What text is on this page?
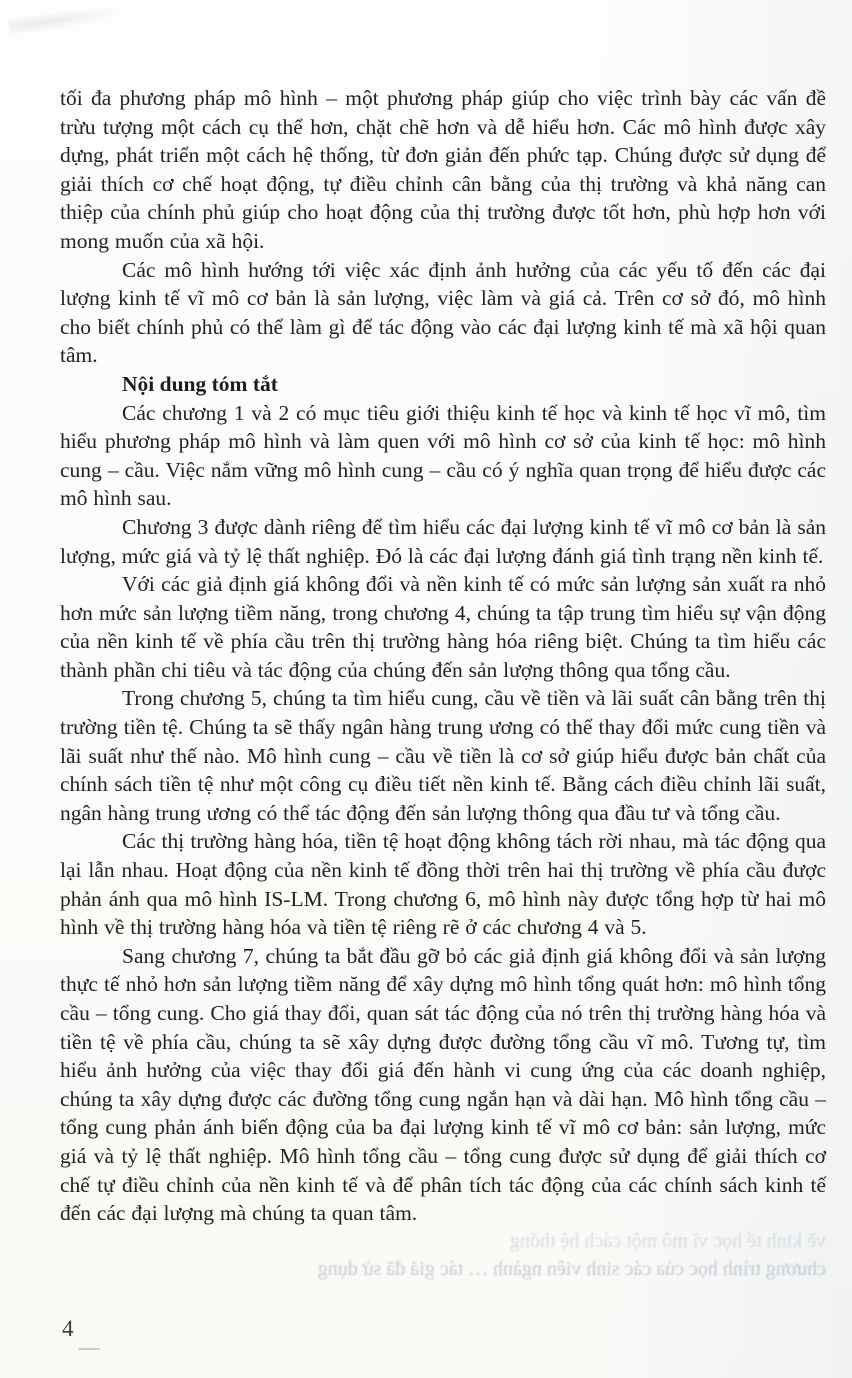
tối đa phương pháp mô hình – một phương pháp giúp cho việc trình bày các vấn đề trừu tượng một cách cụ thể hơn, chặt chẽ hơn và dễ hiểu hơn. Các mô hình được xây dựng, phát triển một cách hệ thống, từ đơn giản đến phức tạp. Chúng được sử dụng để giải thích cơ chế hoạt động, tự điều chỉnh cân bằng của thị trường và khả năng can thiệp của chính phủ giúp cho hoạt động của thị trường được tốt hơn, phù hợp hơn với mong muốn của xã hội.

Các mô hình hướng tới việc xác định ảnh hưởng của các yếu tố đến các đại lượng kinh tế vĩ mô cơ bản là sản lượng, việc làm và giá cả. Trên cơ sở đó, mô hình cho biết chính phủ có thể làm gì để tác động vào các đại lượng kinh tế mà xã hội quan tâm.

Nội dung tóm tắt

Các chương 1 và 2 có mục tiêu giới thiệu kinh tế học và kinh tế học vĩ mô, tìm hiểu phương pháp mô hình và làm quen với mô hình cơ sở của kinh tế học: mô hình cung – cầu. Việc nắm vững mô hình cung – cầu có ý nghĩa quan trọng để hiểu được các mô hình sau.

Chương 3 được dành riêng để tìm hiểu các đại lượng kinh tế vĩ mô cơ bản là sản lượng, mức giá và tỷ lệ thất nghiệp. Đó là các đại lượng đánh giá tình trạng nền kinh tế.

Với các giả định giá không đổi và nền kinh tế có mức sản lượng sản xuất ra nhỏ hơn mức sản lượng tiềm năng, trong chương 4, chúng ta tập trung tìm hiểu sự vận động của nền kinh tế về phía cầu trên thị trường hàng hóa riêng biệt. Chúng ta tìm hiểu các thành phần chi tiêu và tác động của chúng đến sản lượng thông qua tổng cầu.

Trong chương 5, chúng ta tìm hiểu cung, cầu về tiền và lãi suất cân bằng trên thị trường tiền tệ. Chúng ta sẽ thấy ngân hàng trung ương có thể thay đổi mức cung tiền và lãi suất như thế nào. Mô hình cung – cầu về tiền là cơ sở giúp hiểu được bản chất của chính sách tiền tệ như một công cụ điều tiết nền kinh tế. Bằng cách điều chỉnh lãi suất, ngân hàng trung ương có thể tác động đến sản lượng thông qua đầu tư và tổng cầu.

Các thị trường hàng hóa, tiền tệ hoạt động không tách rời nhau, mà tác động qua lại lẫn nhau. Hoạt động của nền kinh tế đồng thời trên hai thị trường về phía cầu được phản ánh qua mô hình IS-LM. Trong chương 6, mô hình này được tổng hợp từ hai mô hình về thị trường hàng hóa và tiền tệ riêng rẽ ở các chương 4 và 5.

Sang chương 7, chúng ta bắt đầu gỡ bỏ các giả định giá không đổi và sản lượng thực tế nhỏ hơn sản lượng tiềm năng để xây dựng mô hình tổng quát hơn: mô hình tổng cầu – tổng cung. Cho giá thay đổi, quan sát tác động của nó trên thị trường hàng hóa và tiền tệ về phía cầu, chúng ta sẽ xây dựng được đường tổng cầu vĩ mô. Tương tự, tìm hiểu ảnh hưởng của việc thay đổi giá đến hành vi cung ứng của các doanh nghiệp, chúng ta xây dựng được các đường tổng cung ngắn hạn và dài hạn. Mô hình tổng cầu – tổng cung phản ánh biến động của ba đại lượng kinh tế vĩ mô cơ bản: sản lượng, mức giá và tỷ lệ thất nghiệp. Mô hình tổng cầu – tổng cung được sử dụng để giải thích cơ chế tự điều chỉnh của nền kinh tế và để phân tích tác động của các chính sách kinh tế đến các đại lượng mà chúng ta quan tâm.

về kinh tế học vĩ mô một cách hệ thống
chương trình học của các sinh viên ngành … tác giả đã sử dụng
4
